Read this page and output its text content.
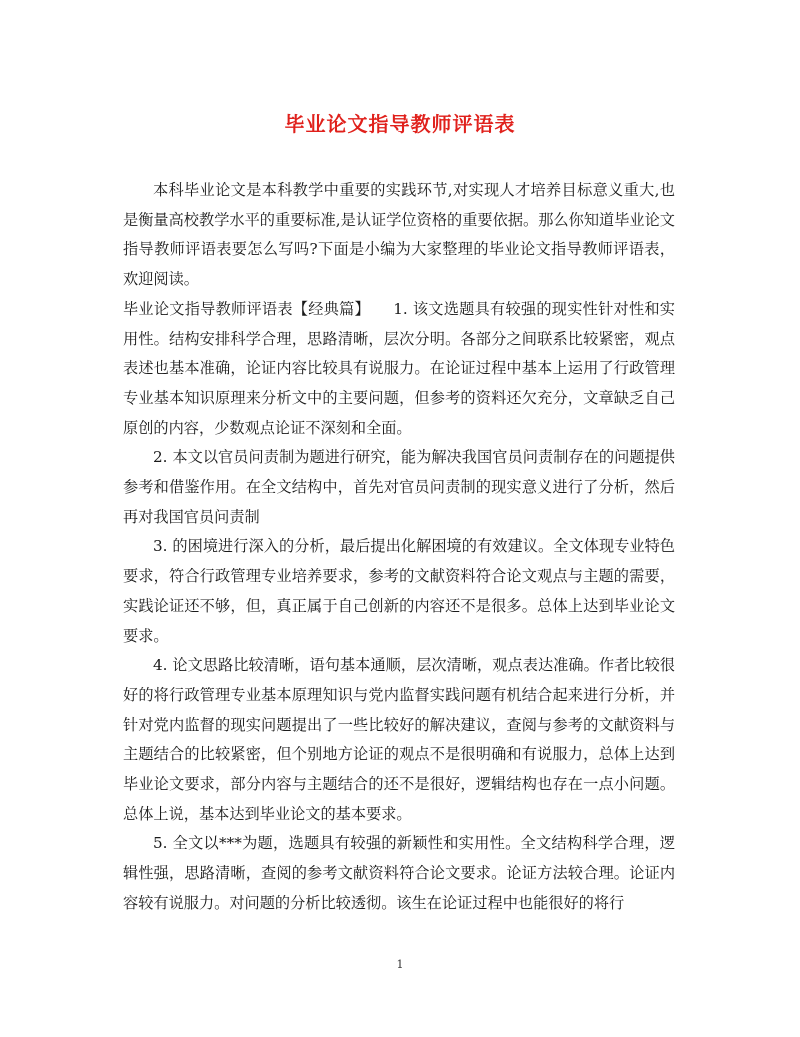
毕业论文指导教师评语表

本科毕业论文是本科教学中重要的实践环节,对实现人才培养目标意义重大,也是衡量高校教学水平的重要标准,是认证学位资格的重要依据。那么你知道毕业论文指导教师评语表要怎么写吗?下面是小编为大家整理的毕业论文指导教师评语表，欢迎阅读。

毕业论文指导教师评语表【经典篇】　　1. 该文选题具有较强的现实性针对性和实用性。结构安排科学合理，思路清晰，层次分明。各部分之间联系比较紧密，观点表述也基本准确，论证内容比较具有说服力。在论证过程中基本上运用了行政管理专业基本知识原理来分析文中的主要问题，但参考的资料还欠充分，文章缺乏自己原创的内容，少数观点论证不深刻和全面。

2. 本文以官员问责制为题进行研究，能为解决我国官员问责制存在的问题提供参考和借鉴作用。在全文结构中，首先对官员问责制的现实意义进行了分析，然后再对我国官员问责制

3. 的困境进行深入的分析，最后提出化解困境的有效建议。全文体现专业特色要求，符合行政管理专业培养要求，参考的文献资料符合论文观点与主题的需要，实践论证还不够，但，真正属于自己创新的内容还不是很多。总体上达到毕业论文要求。

4. 论文思路比较清晰，语句基本通顺，层次清晰，观点表达准确。作者比较很好的将行政管理专业基本原理知识与党内监督实践问题有机结合起来进行分析，并针对党内监督的现实问题提出了一些比较好的解决建议，查阅与参考的文献资料与主题结合的比较紧密，但个别地方论证的观点不是很明确和有说服力，总体上达到毕业论文要求，部分内容与主题结合的还不是很好，逻辑结构也存在一点小问题。总体上说，基本达到毕业论文的基本要求。

5. 全文以***为题，选题具有较强的新颖性和实用性。全文结构科学合理，逻辑性强，思路清晰，查阅的参考文献资料符合论文要求。论证方法较合理。论证内容较有说服力。对问题的分析比较透彻。该生在论证过程中也能很好的将行

1
